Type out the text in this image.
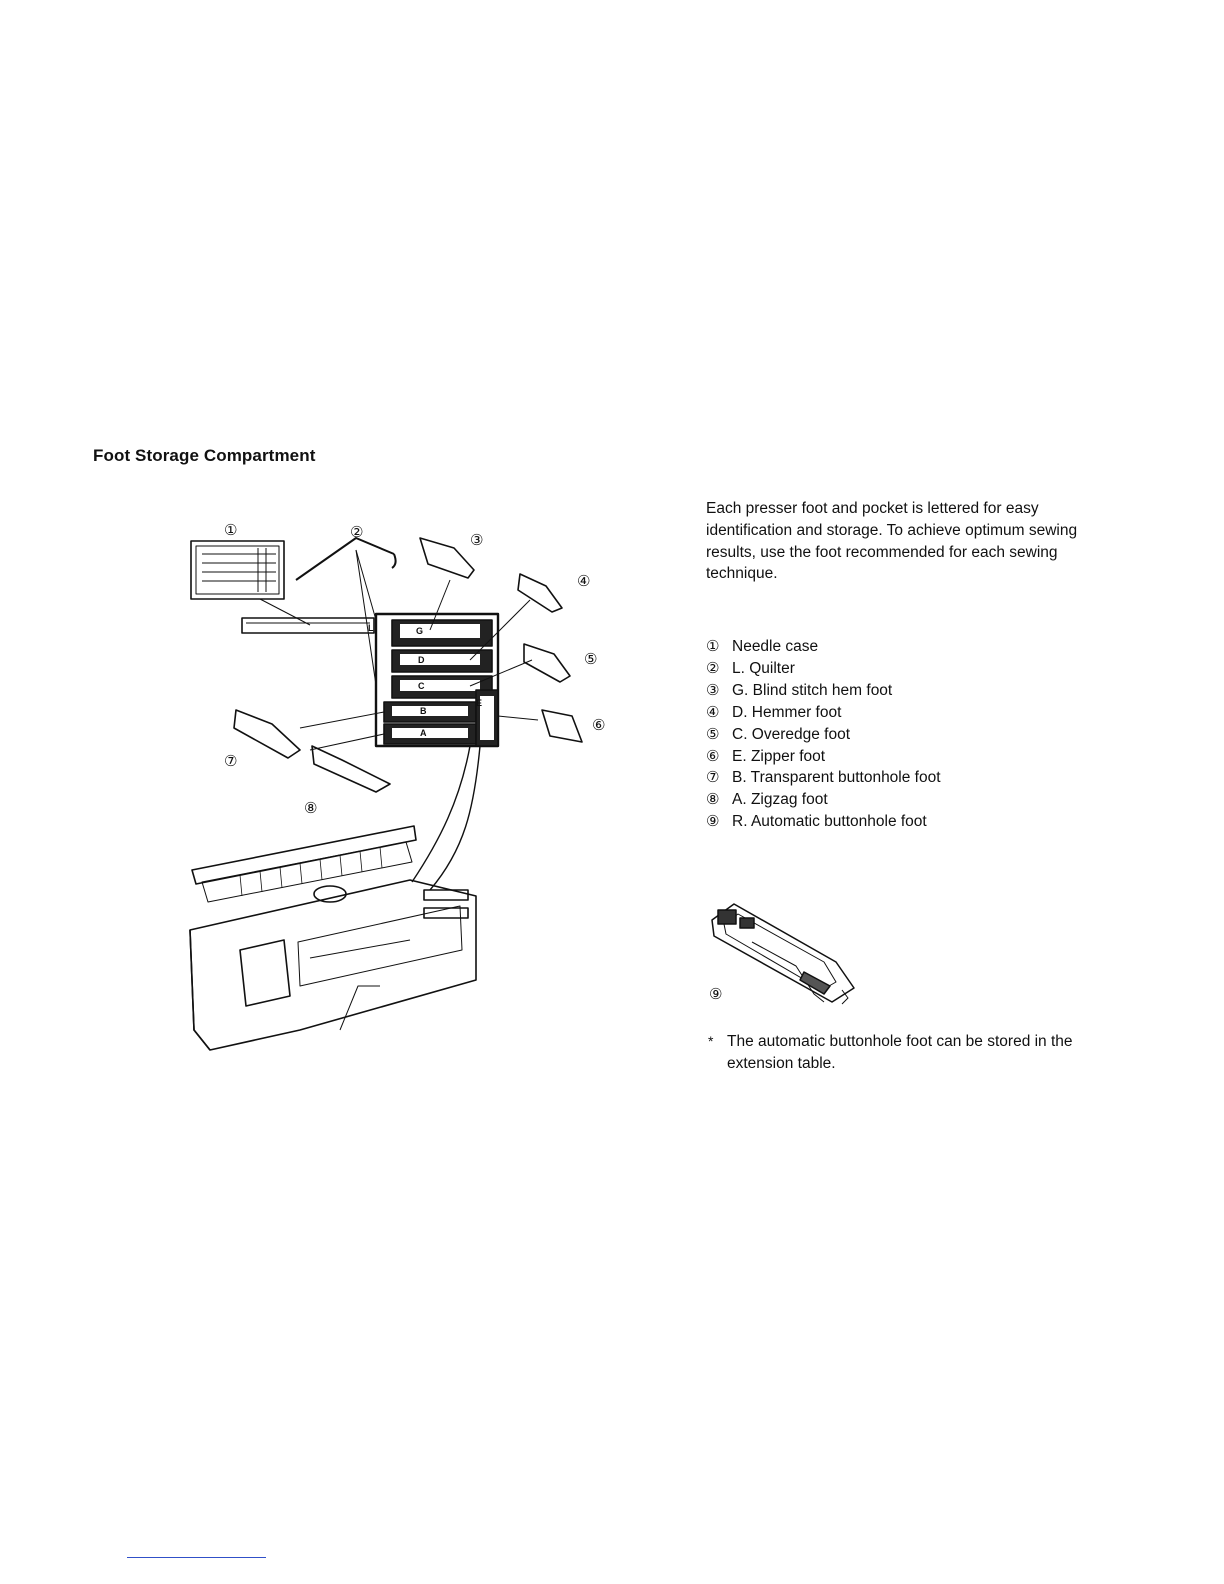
Foot Storage Compartment
①	②	③
④
⑤
⑥
⑦
⑧
L	G
D
C
B
A
E

Each presser foot and pocket is lettered for easy identification and storage. To achieve optimum sewing results, use the foot recommended for each sewing technique.

① Needle case
② L. Quilter
③ G. Blind stitch hem foot
④ D. Hemmer foot
⑤ C. Overedge foot
⑥ E. Zipper foot
⑦ B. Transparent buttonhole foot
⑧ A. Zigzag foot
⑨ R. Automatic buttonhole foot
⑨
* The automatic buttonhole foot can be stored in the extension table.
